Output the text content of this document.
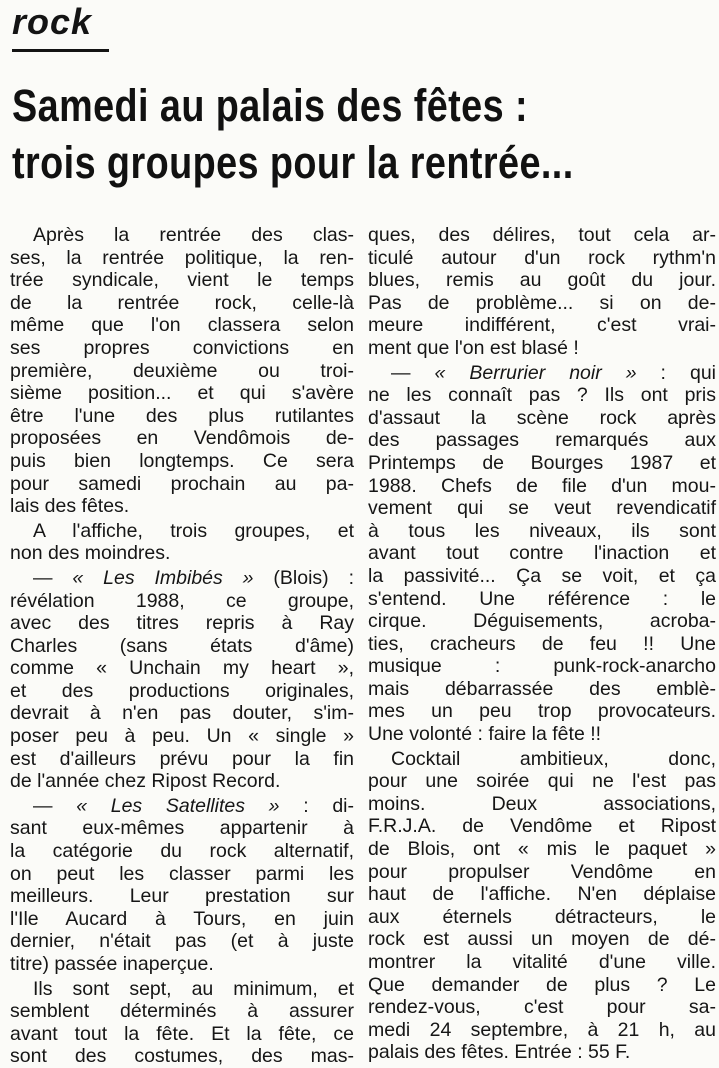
rock
Samedi au palais des fêtes :
trois groupes pour la rentrée...
Après la rentrée des clas-
ses, la rentrée politique, la ren-
trée syndicale, vient le temps
de la rentrée rock, celle-là
même que l'on classera selon
ses propres convictions en
première, deuxième ou troi-
sième position... et qui s'avère
être l'une des plus rutilantes
proposées en Vendômois de-
puis bien longtemps. Ce sera
pour samedi prochain au pa-
lais des fêtes.
A l'affiche, trois groupes, et
non des moindres.
— « Les Imbibés » (Blois) :
révélation 1988, ce groupe,
avec des titres repris à Ray
Charles (sans états d'âme)
comme « Unchain my heart »,
et des productions originales,
devrait à n'en pas douter, s'im-
poser peu à peu. Un « single »
est d'ailleurs prévu pour la fin
de l'année chez Ripost Record.
— « Les Satellites » : di-
sant eux-mêmes appartenir à
la catégorie du rock alternatif,
on peut les classer parmi les
meilleurs. Leur prestation sur
l'Ile Aucard à Tours, en juin
dernier, n'était pas (et à juste
titre) passée inaperçue.
Ils sont sept, au minimum, et
semblent déterminés à assurer
avant tout la fête. Et la fête, ce
sont des costumes, des mas-
ques, des délires, tout cela ar-
ticulé autour d'un rock rythm'n
blues, remis au goût du jour.
Pas de problème... si on de-
meure indifférent, c'est vrai-
ment que l'on est blasé !
— « Berrurier noir » : qui
ne les connaît pas ? Ils ont pris
d'assaut la scène rock après
des passages remarqués aux
Printemps de Bourges 1987 et
1988. Chefs de file d'un mou-
vement qui se veut revendicatif
à tous les niveaux, ils sont
avant tout contre l'inaction et
la passivité... Ça se voit, et ça
s'entend. Une référence : le
cirque. Déguisements, acroba-
ties, cracheurs de feu !! Une
musique : punk-rock-anarcho
mais débarrassée des emblè-
mes un peu trop provocateurs.
Une volonté : faire la fête !!
Cocktail ambitieux, donc,
pour une soirée qui ne l'est pas
moins. Deux associations,
F.R.J.A. de Vendôme et Ripost
de Blois, ont « mis le paquet »
pour propulser Vendôme en
haut de l'affiche. N'en déplaise
aux éternels détracteurs, le
rock est aussi un moyen de dé-
montrer la vitalité d'une ville.
Que demander de plus ? Le
rendez-vous, c'est pour sa-
medi 24 septembre, à 21 h, au
palais des fêtes. Entrée : 55 F.
